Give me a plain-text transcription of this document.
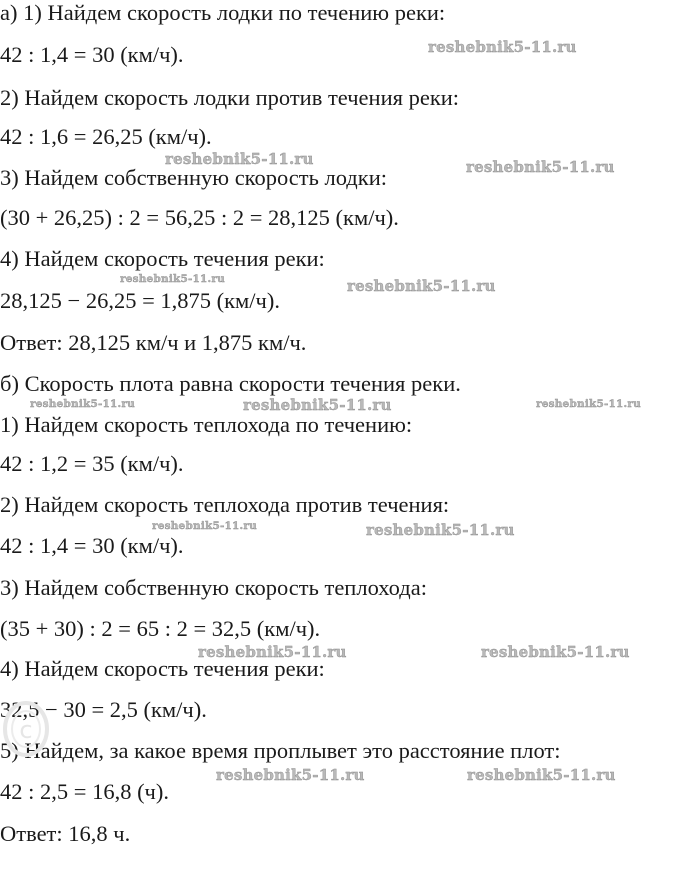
а) 1) Найдем скорость лодки по течению реки:
42 : 1,4 = 30 (км/ч).
2) Найдем скорость лодки против течения реки:
42 : 1,6 = 26,25 (км/ч).
3) Найдем собственную скорость лодки:
(30 + 26,25) : 2 = 56,25 : 2 = 28,125 (км/ч).
4) Найдем скорость течения реки:
28,125 − 26,25 = 1,875 (км/ч).
Ответ: 28,125 км/ч и 1,875 км/ч.
б) Скорость плота равна скорости течения реки.
1) Найдем скорость теплохода по течению:
42 : 1,2 = 35 (км/ч).
2) Найдем скорость теплохода против течения:
42 : 1,4 = 30 (км/ч).
3) Найдем собственную скорость теплохода:
(35 + 30) : 2 = 65 : 2 = 32,5 (км/ч).
4) Найдем скорость течения реки:
32,5 − 30 = 2,5 (км/ч).
5) Найдем, за какое время проплывет это расстояние плот:
42 : 2,5 = 16,8 (ч).
Ответ: 16,8 ч.
c
reshebnik5-11.ru
reshebnik5-11.ru	reshebnik5-11.ru
reshebnik5-11.ru	reshebnik5-11.ru
reshebnik5-11.ru	reshebnik5-11.ru	reshebnik5-11.ru
reshebnik5-11.ru	reshebnik5-11.ru
reshebnik5-11.ru	reshebnik5-11.ru
reshebnik5-11.ru	reshebnik5-11.ru
